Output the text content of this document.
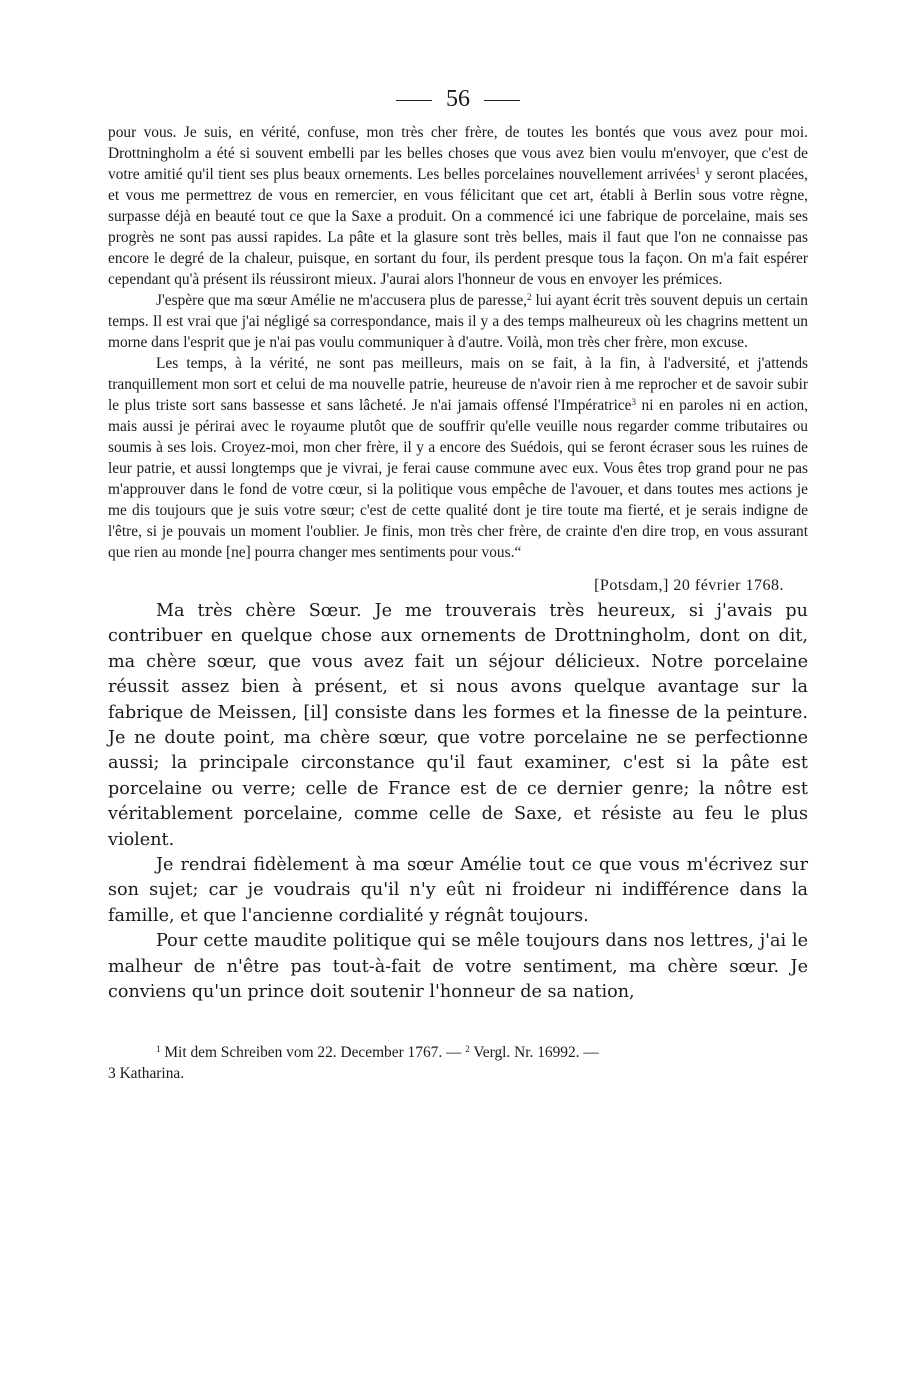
56

pour vous. Je suis, en vérité, confuse, mon très cher frère, de toutes les bontés que vous avez pour moi. Drottningholm a été si souvent embelli par les belles choses que vous avez bien voulu m'envoyer, que c'est de votre amitié qu'il tient ses plus beaux ornements. Les belles porcelaines nouvellement arrivées$^1$ y seront placées, et vous me permettrez de vous en remercier, en vous félicitant que cet art, établi à Berlin sous votre règne, surpasse déjà en beauté tout ce que la Saxe a produit. On a commencé ici une fabrique de porcelaine, mais ses progrès ne sont pas aussi rapides. La pâte et la glasure sont très belles, mais il faut que l'on ne connaisse pas encore le degré de la chaleur, puisque, en sortant du four, ils perdent presque tous la façon. On m'a fait espérer cependant qu'à présent ils réussiront mieux. J'aurai alors l'honneur de vous en envoyer les prémices.

J'espère que ma sœur Amélie ne m'accusera plus de paresse,$^2$ lui ayant écrit très souvent depuis un certain temps. Il est vrai que j'ai négligé sa correspondance, mais il y a des temps malheureux où les chagrins mettent un morne dans l'esprit que je n'ai pas voulu communiquer à d'autre. Voilà, mon très cher frère, mon excuse.

Les temps, à la vérité, ne sont pas meilleurs, mais on se fait, à la fin, à l'adversité, et j'attends tranquillement mon sort et celui de ma nouvelle patrie, heureuse de n'avoir rien à me reprocher et de savoir subir le plus triste sort sans bassesse et sans lâcheté. Je n'ai jamais offensé l'Impératrice$^3$ ni en paroles ni en action, mais aussi je périrai avec le royaume plutôt que de souffrir qu'elle veuille nous regarder comme tributaires ou soumis à ses lois. Croyez-moi, mon cher frère, il y a encore des Suédois, qui se feront écraser sous les ruines de leur patrie, et aussi longtemps que je vivrai, je ferai cause commune avec eux. Vous êtes trop grand pour ne pas m'approuver dans le fond de votre cœur, si la politique vous empêche de l'avouer, et dans toutes mes actions je me dis toujours que je suis votre sœur; c'est de cette qualité dont je tire toute ma fierté, et je serais indigne de l'être, si je pouvais un moment l'oublier. Je finis, mon très cher frère, de crainte d'en dire trop, en vous assurant que rien au monde [ne] pourra changer mes sentiments pour vous.“

[Potsdam,] 20 février 1768.

Ma très chère Sœur. Je me trouverais très heureux, si j'avais pu contribuer en quelque chose aux ornements de Drottningholm, dont on dit, ma chère sœur, que vous avez fait un séjour délicieux. Notre porcelaine réussit assez bien à présent, et si nous avons quelque avantage sur la fabrique de Meissen, [il] consiste dans les formes et la finesse de la peinture. Je ne doute point, ma chère sœur, que votre porcelaine ne se perfectionne aussi; la principale circonstance qu'il faut examiner, c'est si la pâte est porcelaine ou verre; celle de France est de ce dernier genre; la nôtre est véritablement porcelaine, comme celle de Saxe, et résiste au feu le plus violent.

Je rendrai fidèlement à ma sœur Amélie tout ce que vous m'écrivez sur son sujet; car je voudrais qu'il n'y eût ni froideur ni indifférence dans la famille, et que l'ancienne cordialité y régnât toujours.

Pour cette maudite politique qui se mêle toujours dans nos lettres, j'ai le malheur de n'être pas tout-à-fait de votre sentiment, ma chère sœur. Je conviens qu'un prince doit soutenir l'honneur de sa nation,

$^1$ Mit dem Schreiben vom 22. December 1767. — $^2$ Vergl. Nr. 16992. —
3 Katharina.
